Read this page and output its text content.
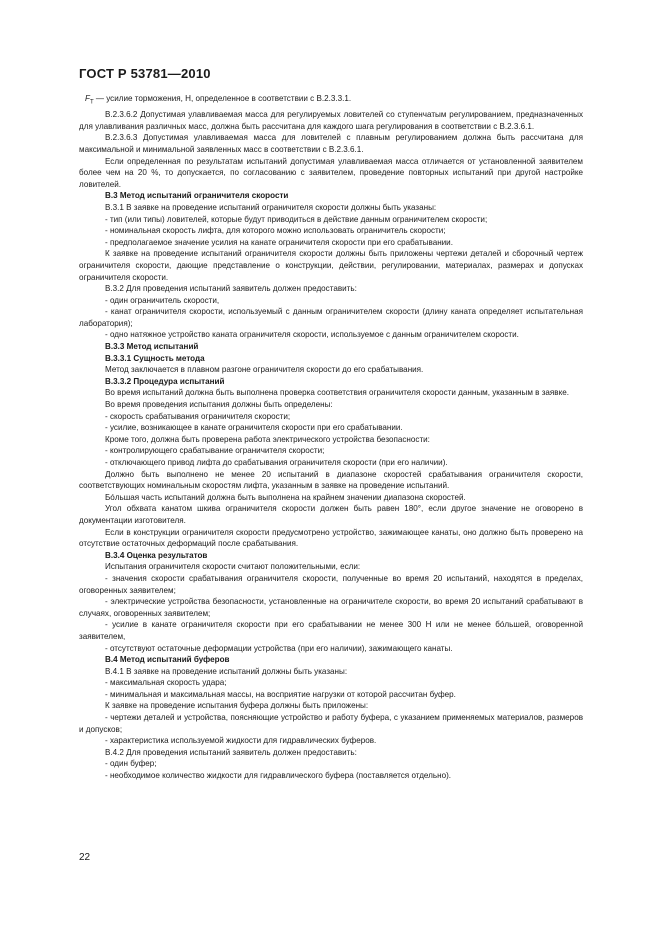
ГОСТ Р 53781—2010

$F_T$ — усилие торможения, Н, определенное в соответствии с В.2.3.3.1.

В.2.3.6.2 Допустимая улавливаемая масса для регулируемых ловителей со ступенчатым регулированием, предназначенных для улавливания различных масс, должна быть рассчитана для каждого шага регулирования в соответствии с В.2.3.6.1.

В.2.3.6.3 Допустимая улавливаемая масса для ловителей с плавным регулированием должна быть рассчитана для максимальной и минимальной заявленных масс в соответствии с В.2.3.6.1.

Если определенная по результатам испытаний допустимая улавливаемая масса отличается от установленной заявителем более чем на 20 %, то допускается, по согласованию с заявителем, проведение повторных испытаний при другой настройке ловителей.

В.3 Метод испытаний ограничителя скорости

В.3.1 В заявке на проведение испытаний ограничителя скорости должны быть указаны:

- тип (или типы) ловителей, которые будут приводиться в действие данным ограничителем скорости;

- номинальная скорость лифта, для которого можно использовать ограничитель скорости;

- предполагаемое значение усилия на канате ограничителя скорости при его срабатывании.

К заявке на проведение испытаний ограничителя скорости должны быть приложены чертежи деталей и сборочный чертеж ограничителя скорости, дающие представление о конструкции, действии, регулировании, материалах, размерах и допусках ограничителя скорости.

В.3.2 Для проведения испытаний заявитель должен предоставить:

- один ограничитель скорости,

- канат ограничителя скорости, используемый с данным ограничителем скорости (длину каната определяет испытательная лаборатория);

- одно натяжное устройство каната ограничителя скорости, используемое с данным ограничителем скорости.

В.3.3 Метод испытаний

В.3.3.1 Сущность метода

Метод заключается в плавном разгоне ограничителя скорости до его срабатывания.

В.3.3.2 Процедура испытаний

Во время испытаний должна быть выполнена проверка соответствия ограничителя скорости данным, указанным в заявке.

Во время проведения испытания должны быть определены:

- скорость срабатывания ограничителя скорости;

- усилие, возникающее в канате ограничителя скорости при его срабатывании.

Кроме того, должна быть проверена работа электрического устройства безопасности:

- контролирующего срабатывание ограничителя скорости;

- отключающего привод лифта до срабатывания ограничителя скорости (при его наличии).

Должно быть выполнено не менее 20 испытаний в диапазоне скоростей срабатывания ограничителя скорости, соответствующих номинальным скоростям лифта, указанным в заявке на проведение испытаний.

Бóльшая часть испытаний должна быть выполнена на крайнем значении диапазона скоростей.

Угол обхвата канатом шкива ограничителя скорости должен быть равен 180°, если другое значение не оговорено в документации изготовителя.

Если в конструкции ограничителя скорости предусмотрено устройство, зажимающее канаты, оно должно быть проверено на отсутствие остаточных деформаций после срабатывания.

В.3.4 Оценка результатов

Испытания ограничителя скорости считают положительными, если:

- значения скорости срабатывания ограничителя скорости, полученные во время 20 испытаний, находятся в пределах, оговоренных заявителем;

- электрические устройства безопасности, установленные на ограничителе скорости, во время 20 испытаний срабатывают в случаях, оговоренных заявителем;

- усилие в канате ограничителя скорости при его срабатывании не менее 300 Н или не менее бóльшей, оговоренной заявителем,

- отсутствуют остаточные деформации устройства (при его наличии), зажимающего канаты.

В.4 Метод испытаний буферов

В.4.1 В заявке на проведение испытаний должны быть указаны:

- максимальная скорость удара;

- минимальная и максимальная массы, на восприятие нагрузки от которой рассчитан буфер.

К заявке на проведение испытания буфера должны быть приложены:

- чертежи деталей и устройства, поясняющие устройство и работу буфера, с указанием применяемых материалов, размеров и допусков;

- характеристика используемой жидкости для гидравлических буферов.

В.4.2 Для проведения испытаний заявитель должен предоставить:

- один буфер;

- необходимое количество жидкости для гидравлического буфера (поставляется отдельно).

22
